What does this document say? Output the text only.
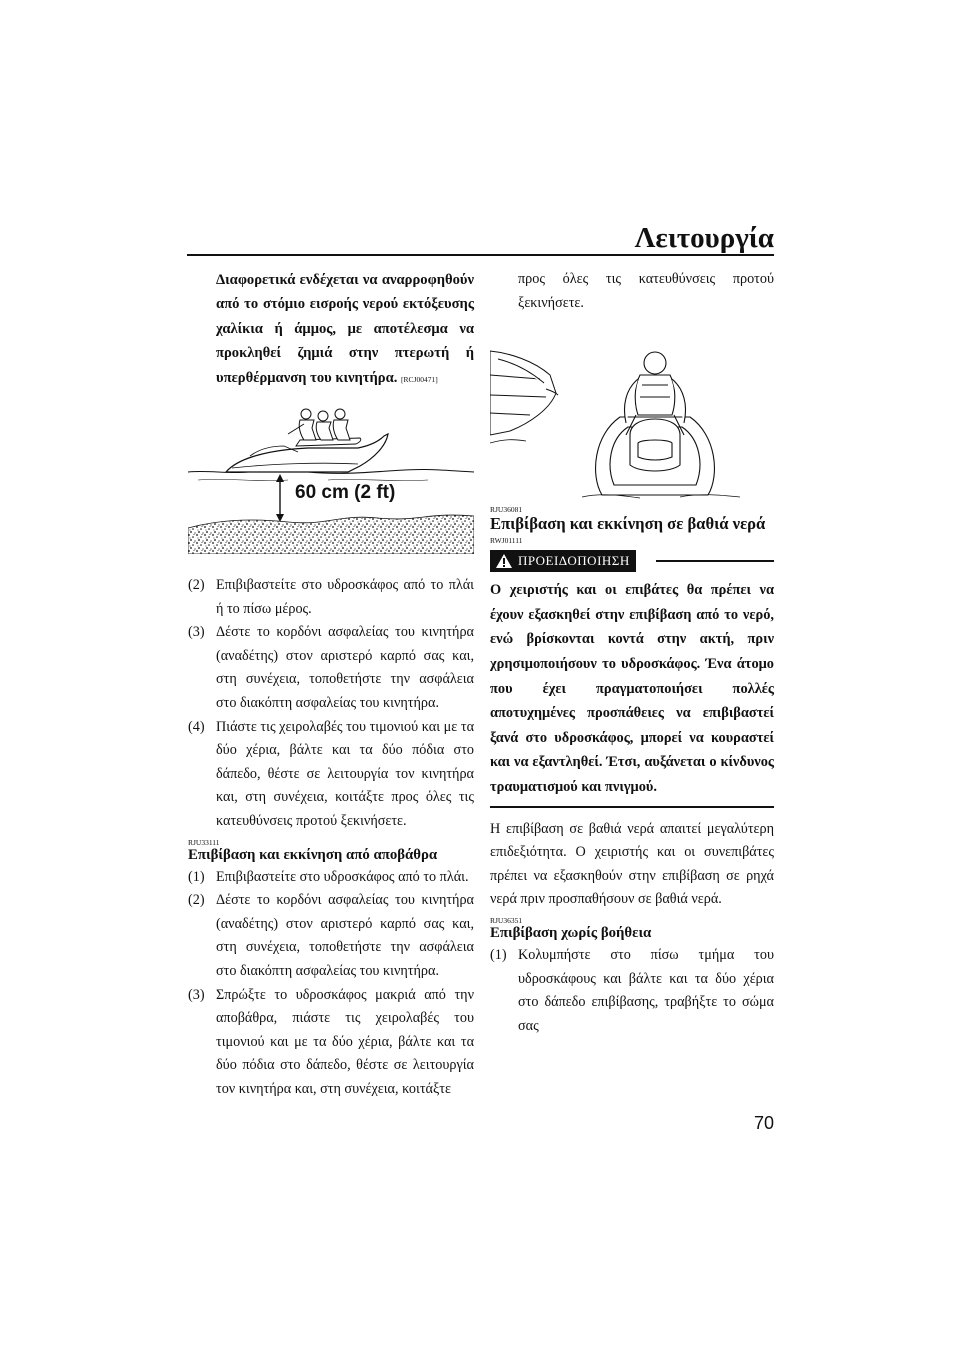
Λειτουργία
Διαφορετικά ενδέχεται να αναρροφηθούν από το στόμιο εισροής νερού εκτόξευσης χαλίκια ή άμμος, με αποτέλεσμα να προκληθεί ζημιά στην πτερωτή ή υπερθέρμανση του κινητήρα. [RCJ00471]
60 cm (2 ft)
(2) Επιβιβαστείτε στο υδροσκάφος από το πλάι ή το πίσω μέρος.
(3) Δέστε το κορδόνι ασφαλείας του κινητήρα (αναδέτης) στον αριστερό καρπό σας και, στη συνέχεια, τοποθετήστε την ασφάλεια στο διακόπτη ασφαλείας του κινητήρα.
(4) Πιάστε τις χειρολαβές του τιμονιού και με τα δύο χέρια, βάλτε και τα δύο πόδια στο δάπεδο, θέστε σε λειτουργία τον κινητήρα και, στη συνέχεια, κοιτάξτε προς όλες τις κατευθύνσεις προτού ξεκινήσετε.
RJU33111
Επιβίβαση και εκκίνηση από αποβάθρα
(1) Επιβιβαστείτε στο υδροσκάφος από το πλάι.
(2) Δέστε το κορδόνι ασφαλείας του κινητήρα (αναδέτης) στον αριστερό καρπό σας και, στη συνέχεια, τοποθετήστε την ασφάλεια στο διακόπτη ασφαλείας του κινητήρα.
(3) Σπρώξτε το υδροσκάφος μακριά από την αποβάθρα, πιάστε τις χειρολαβές του τιμονιού και με τα δύο χέρια, βάλτε και τα δύο πόδια στο δάπεδο, θέστε σε λειτουργία τον κινητήρα και, στη συνέχεια, κοιτάξτε
προς όλες τις κατευθύνσεις προτού ξεκινήσετε.
RJU36081
Επιβίβαση και εκκίνηση σε βαθιά νερά
RWJ01111
ΠΡΟΕΙΔΟΠΟΙΗΣΗ
Ο χειριστής και οι επιβάτες θα πρέπει να έχουν εξασκηθεί στην επιβίβαση από το νερό, ενώ βρίσκονται κοντά στην ακτή, πριν χρησιμοποιήσουν το υδροσκάφος. Ένα άτομο που έχει πραγματοποιήσει πολλές αποτυχημένες προσπάθειες να επιβιβαστεί ξανά στο υδροσκάφος, μπορεί να κουραστεί και να εξαντληθεί. Έτσι, αυξάνεται ο κίνδυνος τραυματισμού και πνιγμού.
Η επιβίβαση σε βαθιά νερά απαιτεί μεγαλύτερη επιδεξιότητα. Ο χειριστής και οι συνεπιβάτες πρέπει να εξασκηθούν στην επιβίβαση σε ρηχά νερά πριν προσπαθήσουν σε βαθιά νερά.
RJU36351
Επιβίβαση χωρίς βοήθεια
(1) Κολυμπήστε στο πίσω τμήμα του υδροσκάφους και βάλτε και τα δύο χέρια στο δάπεδο επιβίβασης, τραβήξτε το σώμα σας
70
